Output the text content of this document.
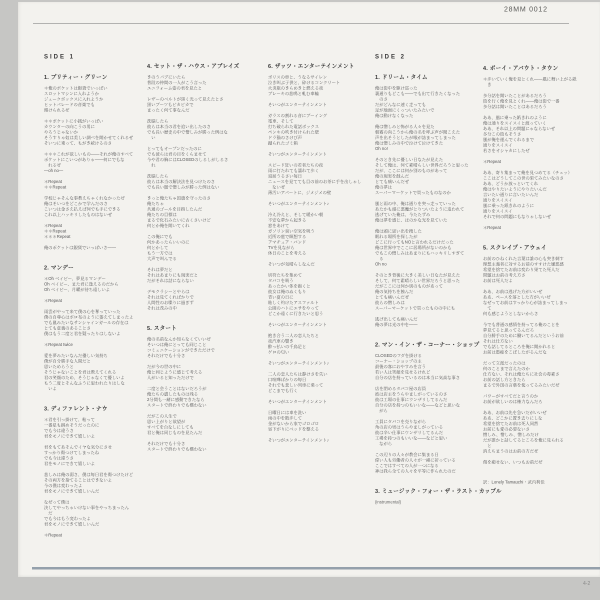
28MM 0012
4-2
SIDE 1
1. プリティー・グリーン
＊俺のポケットは銀貨でいっぱい
スロットマシンに入れようか
ジュークボックスに入れようか
ヒットパレードの音楽でも
賭けられるぜ
＊＊ポケットに小銭がいっぱい
カウンターの向こうの男に
やろうじゃないか
そうすりゃ奴は美しい調べを聞かせてくれるぜ
そいつに乗って、もがき続けるのさ
＊＊＊これが欲しいもの――それが俺のすべて
ポケットにこいつがありゃ――何にでもな
　れるぜ
―oh no―
＊Repeat
＊＊Repeat
学校じゃそんな事教えちゃくれなかったぜ
俺はそいつをどこかで学んだのさ
こいつは金さえ払えば何でも手にできる
これ以上ハッキリしたものはないぜ
＊Repeat
＊＊Repeat
＊＊＊Repeat
俺のポケットは銀貨でいっぱいさ――
2. マンデー
＊Oh ベイビー、夢見るマンデー
Oh ベイビー、また君に逢えるのだから
Oh ベイビー、月曜が待ち遠しいよ
＊Repeat
雨雲がやって来て僕の心を奪っていった
僕の自尊心はボロ布のように萎えてしまったよ
でも嵐みたいなサンシャインガールの存在は
とても意義のあることさ
僕はもう二度と君を疑ったりはしないよ
＊Repeat twice
愛を夢みたいなんだ優しい気持ち
僕が自分勝手な人間だと
思いためらうと
そうじゃないことを君は教えてくれる
君の笑顔のため、そうじゃなくて優しいよ
もう二度とそんなふうに思われたりはしな
　いよ
3. ディファレント・ナウ
＊君を引っ掛けて、粘って
一番星も掴めそうだったのに
でも今は違うさ
君をモノにできて嬉しいよ
君をもてあそんでイヤな気分にさせ
すっかり傷つけてしまったね
でも今は違うさ
君をモノにできて嬉しいよ
悲しみは俺の弱さ、僕は毎日君を傷つけたけど
その両方を捨てることはできないよ
今の僕は変わったよ
君をモノにできて嬉しいんだ
なぜって僕は
決してやっちゃいけない事をやっちまったん
　だ
でも今はもう変わったよ
君をモノにできて嬉しいんだ
＊Repeat
4. セット・ザ・ハウス・アブレイズ
きのうパブにいたら
普段の仲間の一人がこう言った
ユニフォーム姿の君を見たと
レザーのベルトが黒く光って見えたとさ
黒いブーツもピカピカで
まったく何て事なんだ
洗脳したら
彼らは本当の君を追い出したのさ
でも長い歴史の中で憎しみが勝った例はな
　い
とってもオープンだったのに
でも彼らは君の目をくらませて
今や君の胸にはCLOSEDのしるしがしるさ
　れ
洗脳したら
彼らは本当の解決法を見つけたのさ
でも長い闇で憎しみが勝った例はない
きっと俺たちゃ国旗を守ったのさ
俺たちゃ
共通のゴールを目指したんだ
俺たちの目標は
まるで化石みたいに古くさいけど
何とか俺を聞いてくれ
この俺にでも
何かあったらいいのに
何とかして
もう一方では
大声で叫んでる
それは夢だと
それはあまりにも現実だと
だがそれは話にならない
デモクラシーとやらは
それは見てくればかりで
人間性のお喋りに過ぎず
それは茂みの中
5. スタート
俺の名前なんか知らなくていいぜ
そいつは俺にとっても同じこと
コミュニケーションができただけで
それだけでも十分さ
だが今の世の中に
俺と同じように感じて考える
人がいると知っただけで
二度と会うことはないだろうが
俺たちの遺したものは残る
2分間も一緒に感動できたなら
スタートで終わりでも構わない
だがこの人生で
思い上がりと欲望が
すべてを台なしにしても
君と俺は同じものを見たんだ
それだけでも十分さ
スタートで終わりでも構わない
6. ザッツ・エンターテインメント
ポリスの車と、うなるサイレン
泣き叫ぶ子供と、砕けるコンクリート
火炎瓶のきらめきと燃える夜
ブレーキの悲鳴と軋む車輪
そいつがエンターテインメント
ガラスの割れる音にブーイング
電車、そして
打ち破られた電話ボックス
ペンキの吹き付けられた壁
ドラ猫のさけび声
蹴られたゴミ箱
そいつがエンターテインメント
スピード狂いの若者たちの夜
雨に打たれても濡れて歩く
退屈うるさい毎日
ニュースを見てても目の前のお茶に手を出しゃし
　ないぜ
薄汚いアパートに、ジメジメの壁
そいつがエンターテインメント♪
冷え冷えと、そして暖かい朝
不安な夢から起きる
窓をあけて
ガソリン臭い空気を吸う
近所の庭で瞑想する
アマチュア・バンド
TVを見ながら
休日のことを考える
そいつが気晴らしなんだ
切符たちを集めて
タバコを吸う
あったかい体を抱くと
彼女は俺のぬくもり
青い夏の日に
眩しく灼けたアスファルト
公園のハトにエサをやって
どこか遠くに行きたいと思う
そいつがエンターテインメント
抱き合う二人の恋人たちと
夜汽車の響き
酔っ払いの千鳥足と
ゲロの匂い
そいつがエンターテインメント♪
二人の恋人たちは静けさを失い
口喧嘩ばかりの毎日
それでも悲しい列車に乗って
どこまでも行く
そいつがエンターテインメント
日曜日には車を洗い
雨の中を散歩して
金がないから家でゴロゴロ
昼下がりにベッドを整える
そいつがエンターテインメント♪
SIDE 2
1. ドリーム・タイム
俺は街中を駆け巡った
裏通りもどこも――でも出て行きたくなった
　のさ
だがどんなに速く走っても
足が地面にくっついたみたいで
俺は動けなくなった
俺は憎しみと怖がる人々を見た
朝霧の向こうから俺の名を呼ぶ声が聞こえた
声を出そうとしたが喉が詰まってしまった
俺は憎しみの中で泣けて泣けてきた
Oh no!
そのとき先に優しい日なたが見えた
そして俺は、何て素晴らしい世界だろうと思った
だが、ここには何か別のものがあって
俺の現実を蝕んだ
とても痛いんだぜ
俺の夢は
スーパーマーケットで買ったものなのか
風と雨の中、俺は通りを突っ走っていった
あたかも頭に悪魔がとりついたように追われて
逃げていた俺は、今たたずみ
俺は夢を感じ、ほのかな光を見ていた
俺は頭に思い出を捜した
眠れる場所を探したが
どこに行ってもNOと言われるだけだった
俺は世界中でここに居場所がないのかも
でもこの憎しみはあまりにもハッキリしすぎて
　る
Oh no
そのとき背後に大きく美しい日なたが見えた
そして、何て素晴らしい世界だろうと思った
だがここには何か別のものがあって
俺の気持ちを蝕んだ
とても痛いんだぜ
彼らの憎しみは
スーパーマーケットで買ったものの中にも
逃げ出しても痛いんだ
俺の夢は光の中を――
2. マン・イン・ザ・コーナー・ショップ
CLOSEDのフダを掛ける
コーナー・ショップの主
最後の客におやすみを言う
若い人は笑顔を見せるけれど
自分の店を持っているのは本当に気高な事さ
店を閉めるタバコ屋の店員
彼は店主をうらやましがっているのさ
彼は工場の仕事にウンザリしてるんだ
自分の店を持つのもいいな――などと思いな
　がら
工員にタバコを売りながら
角の店の男はうらやましがっている
彼は辛い仕事にウンザリしてるんだ
工場を持つのもいいな――などと思い
　ながら
この辺りの人々が教会に集まる日
偉い人も労働者の人々が一緒に祈っている
ここではすべての人が一つになる
神は我ら全ての人々を平等に作られたのだ
3. ミュージック・フォー・ザ・ラスト・カップル
(instrumental)
4. ボーイ・アバウト・タウン
＊歩いていく俺を見とくれ――風に舞い上がる紙
　き
多分話を聞いたことがあるだろう
街を行く俺を見とくれ――俺は街で一番
多分話は聞いたことはあるだろう
ああ、風に乗った紙きれのように
俺は通りをスイスイと渡っていく
ああ、それ以上の問題にゃならないぜ
多分この街もそうさ
風が俺を運んでくれるまで
通りをスイスイ
若さをオシャカにしたぜ
＊Repeat
ああ、寄り集まって俺を見つめてる（チェッ）
ここはどうしてこの世の果てみたいなのさ
ああ、どうか放っといてくれ
俺はやりたいようにやりたいんだ
言いたい通りに言いたいんだ
通りをスイスイ
風に乗った紙きれのように
通りをスイスイ
それで何の問題にもなりゃしないぜ
＊Repeat
5. スクレイプ・アウェイ
お前のひねくれた言葉は誰の心も突き刺す
理想主義者に対するお前のすすけた嫌悪感
希望を捨てたお前は変わり果てた死人だ
問題はお前の考え方さ
お前は死人だよ
ああ、お前は逃げた方がいいぜ
ああ、ペースを落とした方がいいぜ
なぜってお前はすっかり心が詰まってしまっ
　て
何も感じようとしないからさ
今でも普通の感情を持ってる俺のことを
夢見てると思ってるんだろ
自分勝手のために働いてるんだというお前
それは仕方ない
でも話してるところを俺に聞かれると
お前は愚痴をこぼしたがるんだな
だって立派だったのは
何のことまで言えたのか
仕方ない、それは俺たちに社会の毒素さ
お前の話し方ときたら
まるで外国の言葉を使ってるみたいだぜ
パワーがすべてだと言うのか
お前が欲しいのは権力なんだろ
ああ、お前は先を急いだがいいぜ
ああ、どこかに置き去りにしな
希望を捨てたお前は死人同然
お前にも愛の必要ないさ
憎しみ、憎しみ、憎しみだけ
だが誰かと話してるところを俺に見られる
　と
消えちまうのはお前の方だぜ
傷を癒せない、いつもお前だぜ
訳：Lonely Tamauchi・武内利佳
